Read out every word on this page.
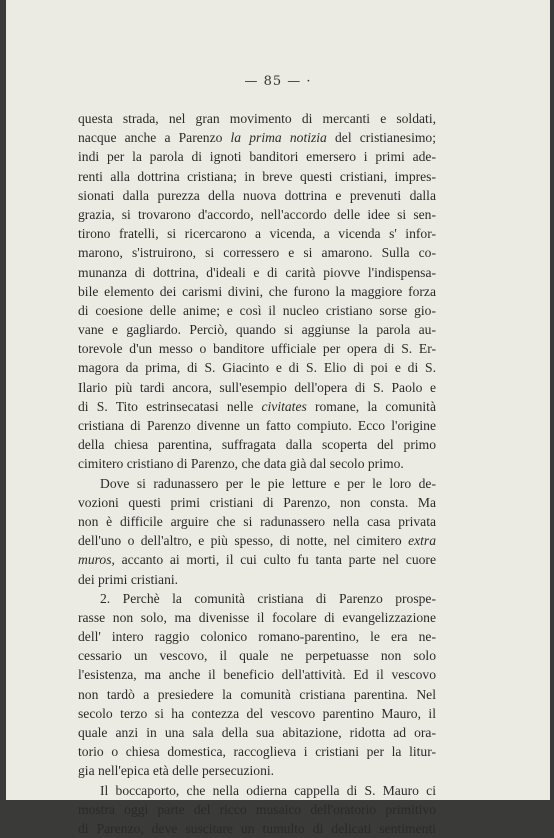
— 85 — ·
questa strada, nel gran movimento di mercanti e soldati,
nacque anche a Parenzo la prima notizia del cristianesimo;
indi per la parola di ignoti banditori emersero i primi ade-
renti alla dottrina cristiana; in breve questi cristiani, impres-
sionati dalla purezza della nuova dottrina e prevenuti dalla
grazia, si trovarono d'accordo, nell'accordo delle idee si sen-
tirono fratelli, si ricercarono a vicenda, a vicenda s' infor-
marono, s'istruirono, si corressero e si amarono. Sulla co-
munanza di dottrina, d'ideali e di carità piovve l'indispensa-
bile elemento dei carismi divini, che furono la maggiore forza
di coesione delle anime; e così il nucleo cristiano sorse gio-
vane e gagliardo. Perciò, quando si aggiunse la parola au-
torevole d'un messo o banditore ufficiale per opera di S. Er-
magora da prima, di S. Giacinto e di S. Elio di poi e di S.
Ilario più tardi ancora, sull'esempio dell'opera di S. Paolo e
di S. Tito estrinsecatasi nelle civitates romane, la comunità
cristiana di Parenzo divenne un fatto compiuto. Ecco l'origine
della chiesa parentina, suffragata dalla scoperta del primo
cimitero cristiano di Parenzo, che data già dal secolo primo.
Dove si radunassero per le pie letture e per le loro de-
vozioni questi primi cristiani di Parenzo, non consta. Ma
non è difficile arguire che si radunassero nella casa privata
dell'uno o dell'altro, e più spesso, di notte, nel cimitero extra
muros, accanto ai morti, il cui culto fu tanta parte nel cuore
dei primi cristiani.
2. Perchè la comunità cristiana di Parenzo prospe-
rasse non solo, ma divenisse il focolare di evangelizzazione
dell' intero raggio colonico romano-parentino, le era ne-
cessario un vescovo, il quale ne perpetuasse non solo
l'esistenza, ma anche il beneficio dell'attività. Ed il vescovo
non tardò a presiedere la comunità cristiana parentina. Nel
secolo terzo si ha contezza del vescovo parentino Mauro, il
quale anzi in una sala della sua abitazione, ridotta ad ora-
torio o chiesa domestica, raccoglieva i cristiani per la litur-
gia nell'epica età delle persecuzioni.
Il boccaporto, che nella odierna cappella di S. Mauro ci
mostra oggi parte del ricco musaico dell'oratorio primitivo
di Parenzo, deve suscitare un tumulto di delicati sentimenti
